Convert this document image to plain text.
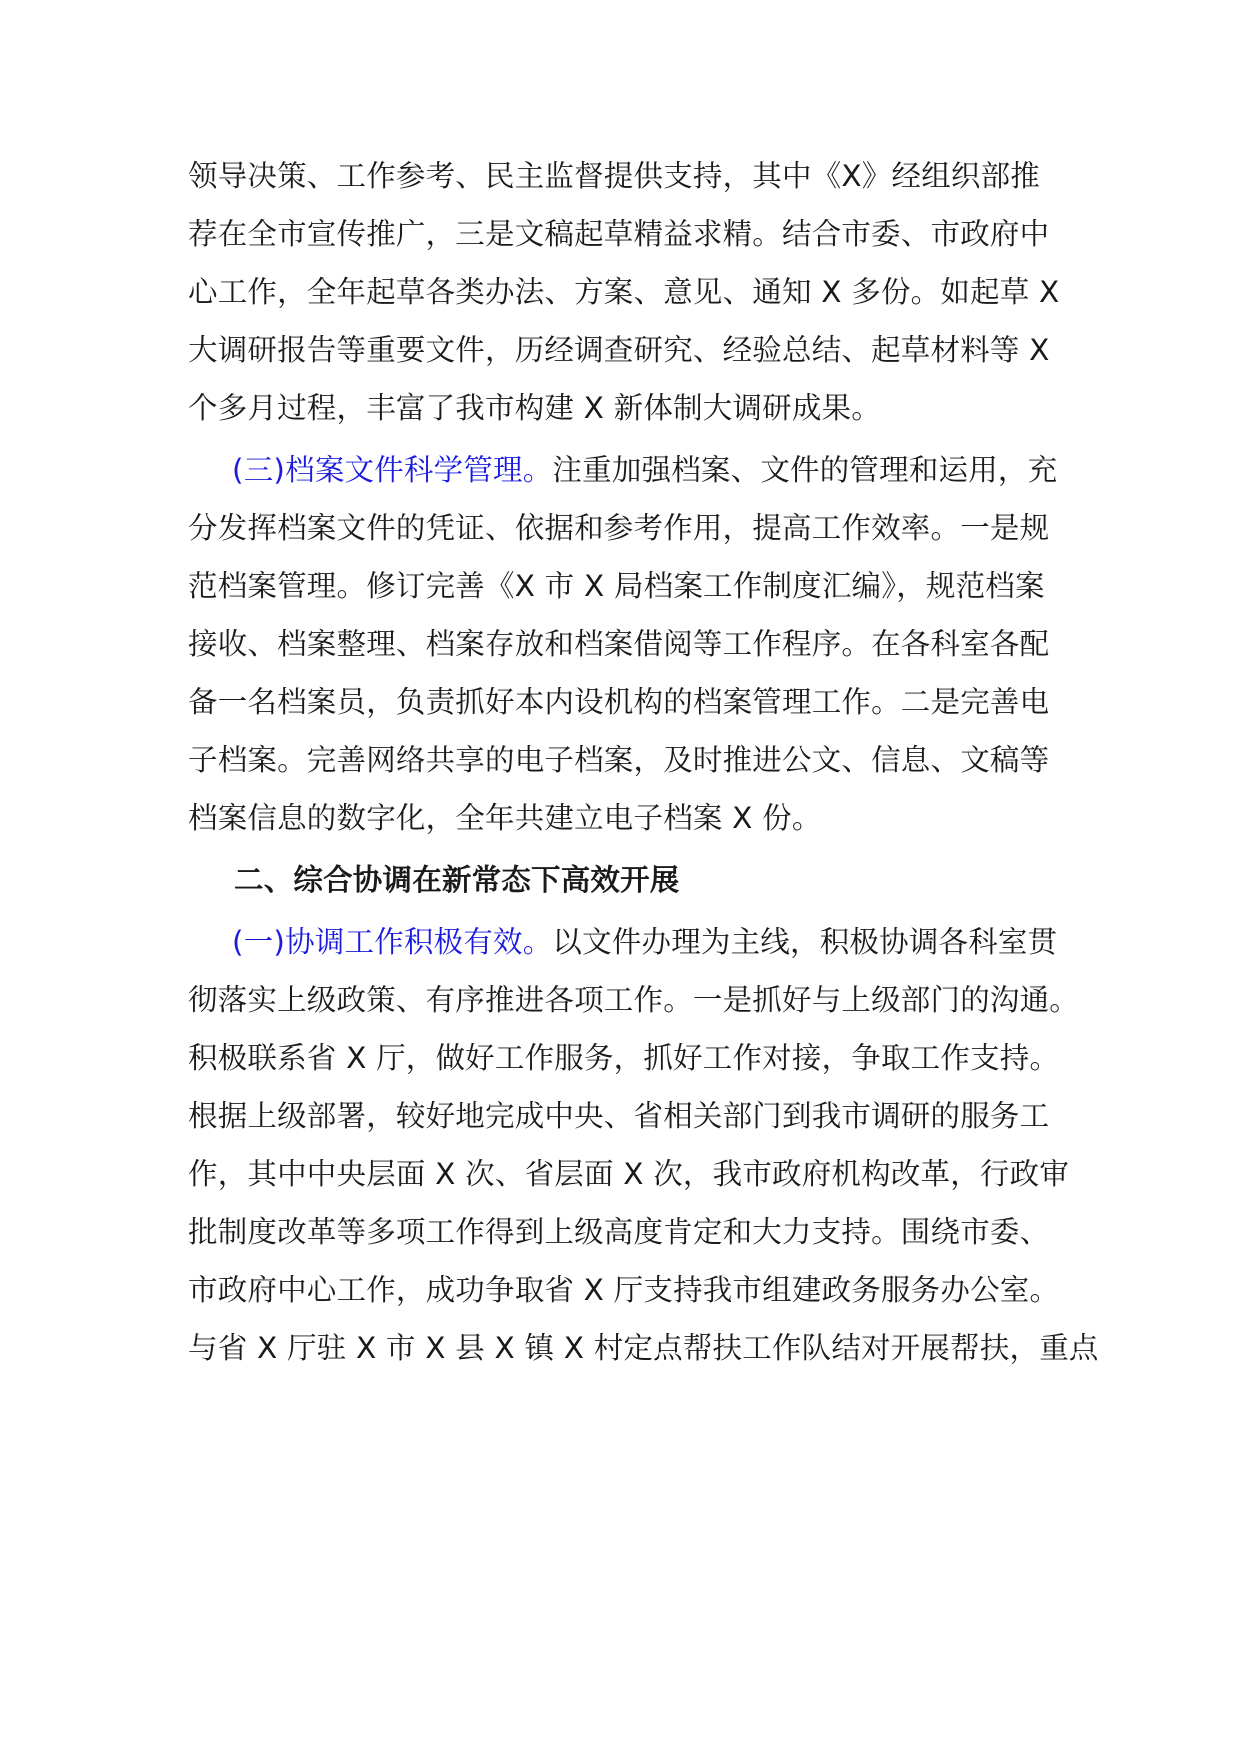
领导决策、工作参考、民主监督提供支持，其中《X》经组织部推

荐在全市宣传推广，三是文稿起草精益求精。结合市委、市政府中

心工作，全年起草各类办法、方案、意见、通知 X 多份。如起草 X

大调研报告等重要文件，历经调查研究、经验总结、起草材料等 X

个多月过程，丰富了我市构建 X 新体制大调研成果。

(三)档案文件科学管理。注重加强档案、文件的管理和运用，充

分发挥档案文件的凭证、依据和参考作用，提高工作效率。一是规

范档案管理。修订完善《X 市 X 局档案工作制度汇编》，规范档案

接收、档案整理、档案存放和档案借阅等工作程序。在各科室各配

备一名档案员，负责抓好本内设机构的档案管理工作。二是完善电

子档案。完善网络共享的电子档案，及时推进公文、信息、文稿等

档案信息的数字化，全年共建立电子档案 X 份。

二、综合协调在新常态下高效开展

(一)协调工作积极有效。以文件办理为主线，积极协调各科室贯

彻落实上级政策、有序推进各项工作。一是抓好与上级部门的沟通。

积极联系省 X 厅，做好工作服务，抓好工作对接，争取工作支持。

根据上级部署，较好地完成中央、省相关部门到我市调研的服务工

作，其中中央层面 X 次、省层面 X 次，我市政府机构改革，行政审

批制度改革等多项工作得到上级高度肯定和大力支持。围绕市委、

市政府中心工作，成功争取省 X 厅支持我市组建政务服务办公室。

与省 X 厅驻 X 市 X 县 X 镇 X 村定点帮扶工作队结对开展帮扶，重点
